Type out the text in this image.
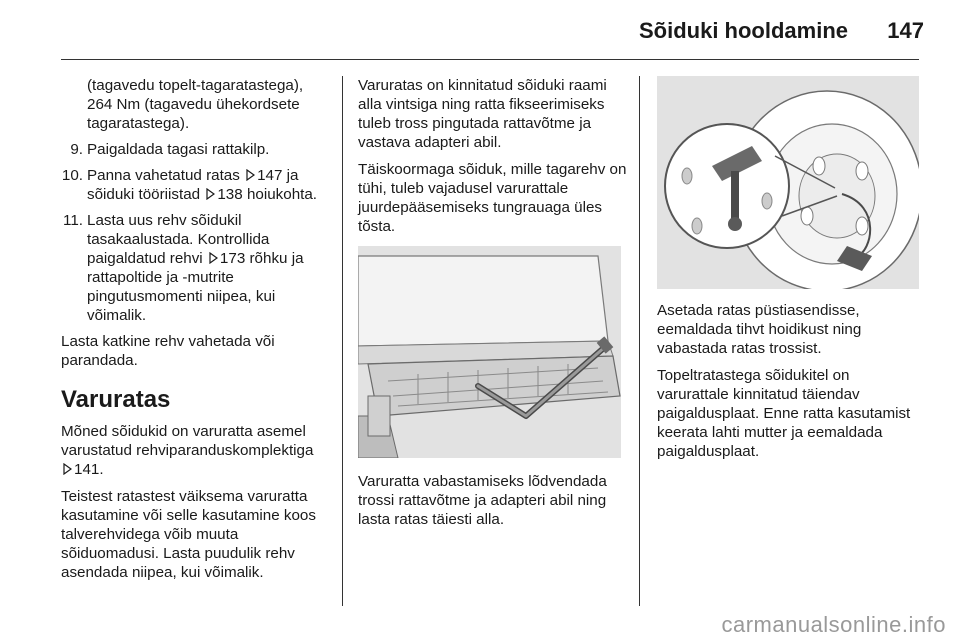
Sõiduki hooldamine 147
(tagavedu topelt-tagaratastega), 264 Nm (tagavedu ühekordsete tagaratastega).
9. Paigaldada tagasi rattakilp.
10. Panna vahetatud ratas 147 ja sõiduki tööriistad 138 hoiukohta.
11. Lasta uus rehv sõidukil tasakaalustada. Kontrollida paigaldatud rehvi 173 rõhku ja rattapoltide ja -mutrite pingutusmomenti niipea, kui võimalik.

Lasta katkine rehv vahetada või parandada.

Varuratas

Mõned sõidukid on varuratta asemel varustatud rehviparanduskomplektiga
141.

Teistest ratastest väiksema varuratta kasutamine või selle kasutamine koos talverehvidega võib muuta sõiduomadusi. Lasta puudulik rehv asendada niipea, kui võimalik.

Varuratas on kinnitatud sõiduki raami alla vintsiga ning ratta fikseerimiseks tuleb tross pingutada rattavõtme ja vastava adapteri abil.

Täiskoormaga sõiduk, mille tagarehv on tühi, tuleb vajadusel varurattale juurdepääsemiseks tungrauaga üles tõsta.

Varuratta vabastamiseks lõdvendada trossi rattavõtme ja adapteri abil ning lasta ratas täiesti alla.

Asetada ratas püstiasendisse, eemaldada tihvt hoidikust ning vabastada ratas trossist.

Topeltratastega sõidukitel on varurattale kinnitatud täiendav paigaldusplaat. Enne ratta kasutamist keerata lahti mutter ja eemaldada paigaldusplaat.

carmanualsonline.info
